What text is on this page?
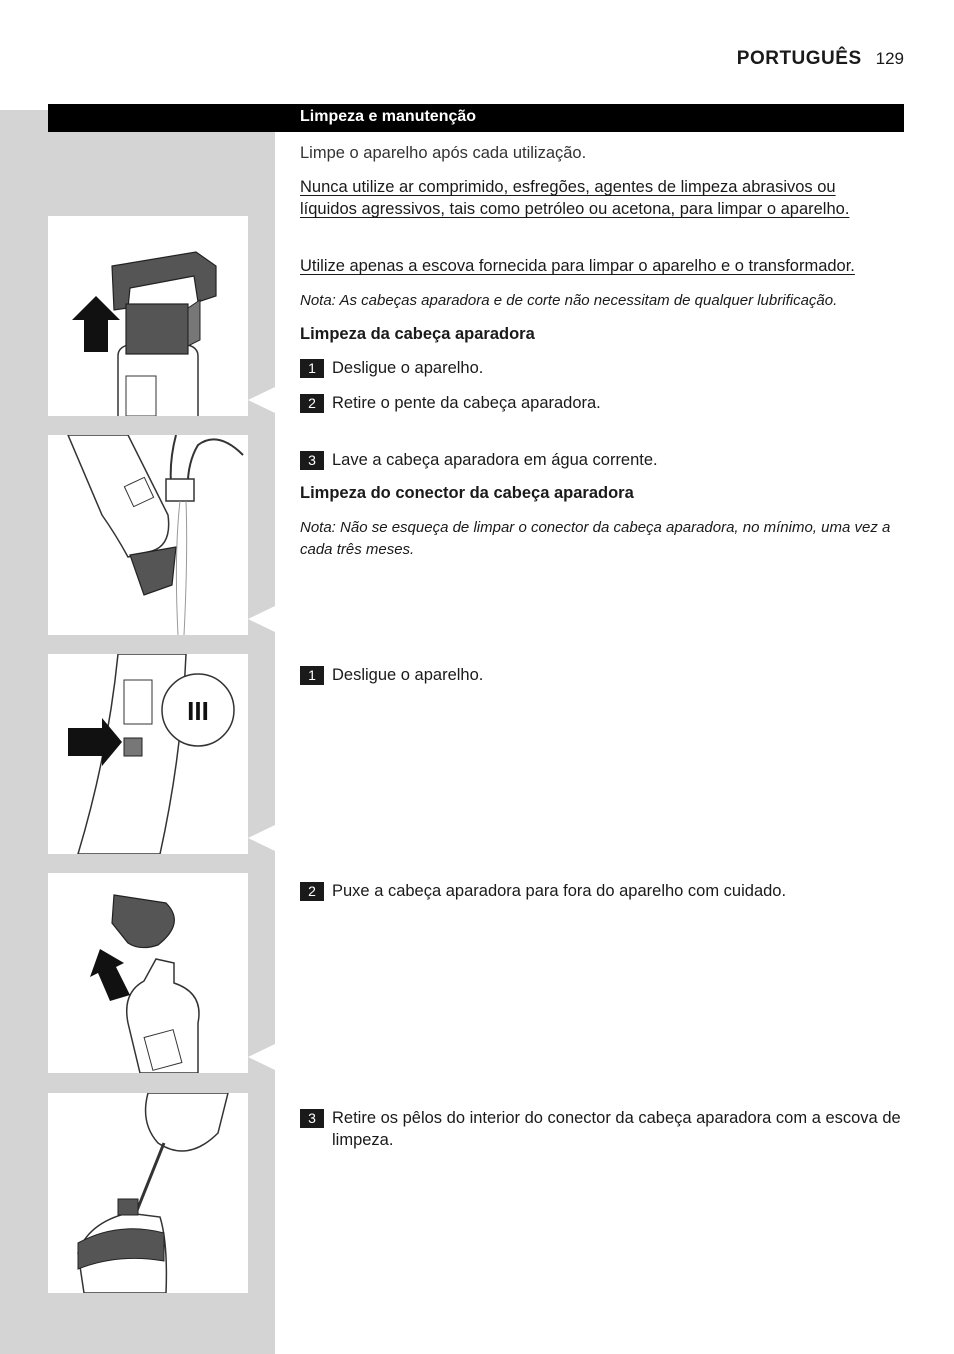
PORTUGUÊS 129
Limpeza e manutenção
III
Limpe o aparelho após cada utilização.
Nunca utilize ar comprimido, esfregões, agentes de limpeza abrasivos ou líquidos agressivos, tais como petróleo ou acetona, para limpar o aparelho.
Utilize apenas a escova fornecida para limpar o aparelho e o transformador.
Nota: As cabeças aparadora e de corte não necessitam de qualquer lubrificação.
Limpeza da cabeça aparadora
1 Desligue o aparelho.
2 Retire o pente da cabeça aparadora.
3 Lave a cabeça aparadora em água corrente.
Limpeza do conector da cabeça aparadora
Nota: Não se esqueça de limpar o conector da cabeça aparadora, no mínimo, uma vez a cada três meses.
1 Desligue o aparelho.
2 Puxe a cabeça aparadora para fora do aparelho com cuidado.
3 Retire os pêlos do interior do conector da cabeça aparadora com a escova de limpeza.
